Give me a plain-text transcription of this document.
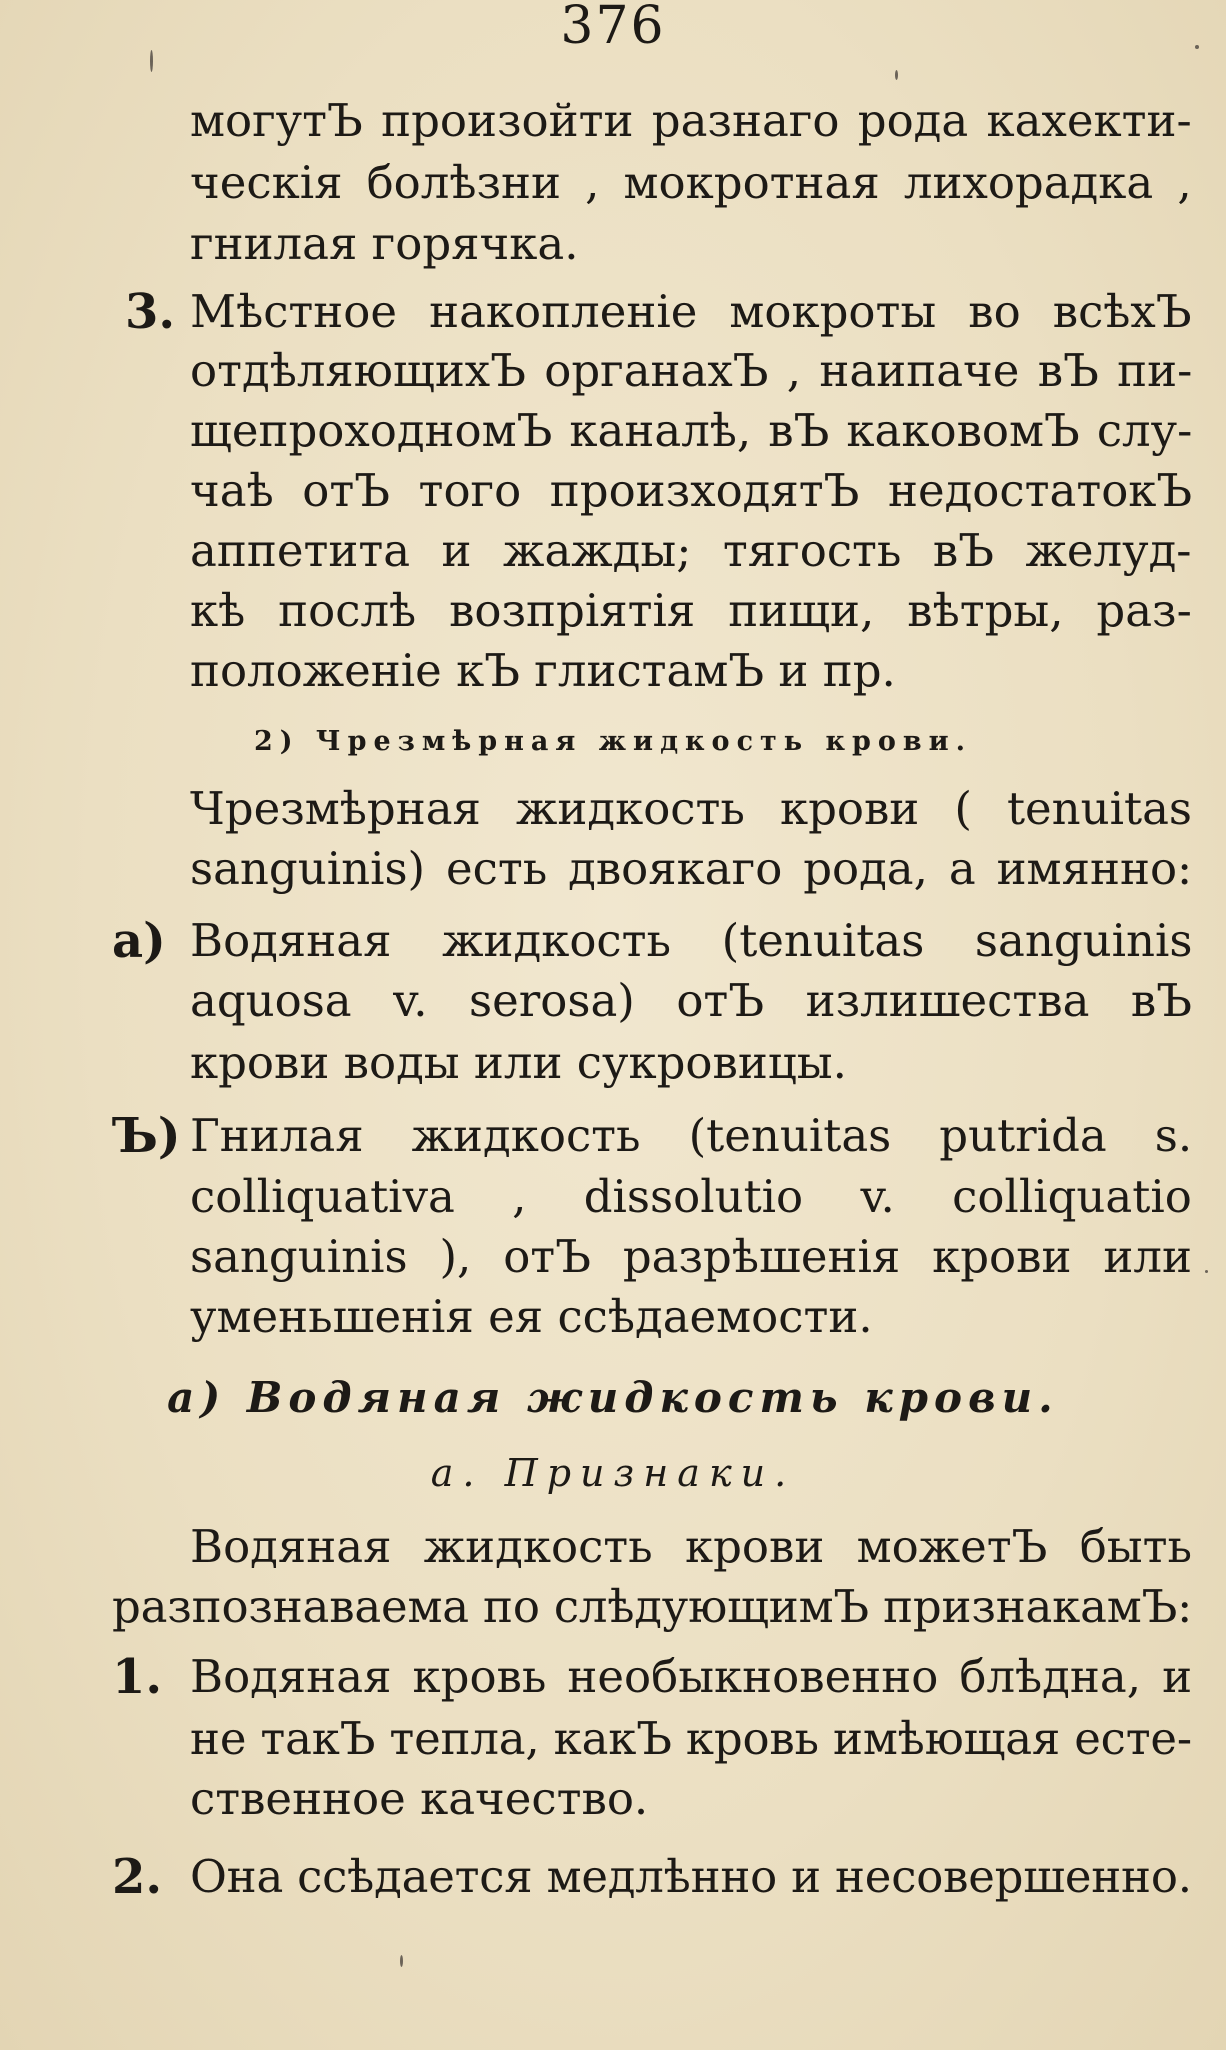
376
могутЪ произойти разнаго рода кахекти-
ческія болѣзни , мокротная лихорадка ,
гнилая горячка.
3. Мѣстное накопленіе мокроты во всѣхЪ
отдѣляющихЪ органахЪ , наипаче вЪ пи-
щепроходномЪ каналѣ, вЪ каковомЪ слу-
чаѣ отЪ того произходятЪ недостатокЪ
аппетита и жажды; тягость вЪ желуд-
кѣ послѣ возпріятія пищи, вѣтры, раз-
положеніе кЪ глистамЪ и пр.
2) Чрезмѣрная жидкость крови.
Чрезмѣрная жидкость крови ( tenuitas
sanguinis) есть двоякаго рода, а имянно:
a) Водяная жидкость (tenuitas sanguinis
aquosa v. serosa) отЪ излишества вЪ
крови воды или сукровицы.
Ъ) Гнилая жидкость (tenuitas putrida s.
colliquativa , dissolutio v. colliquatio
sanguinis ), отЪ разрѣшенія крови или
уменьшенія ея ссѣдаемости.
a) Водяная жидкость крови.
а. Признаки.
Водяная жидкость крови можетЪ быть
разпознаваема по слѣдующимЪ признакамЪ:
1. Водяная кровь необыкновенно блѣдна, и
не такЪ тепла, какЪ кровь имѣющая есте-
ственное качество.
2. Она ссѣдается медлѣнно и несовершенно.
